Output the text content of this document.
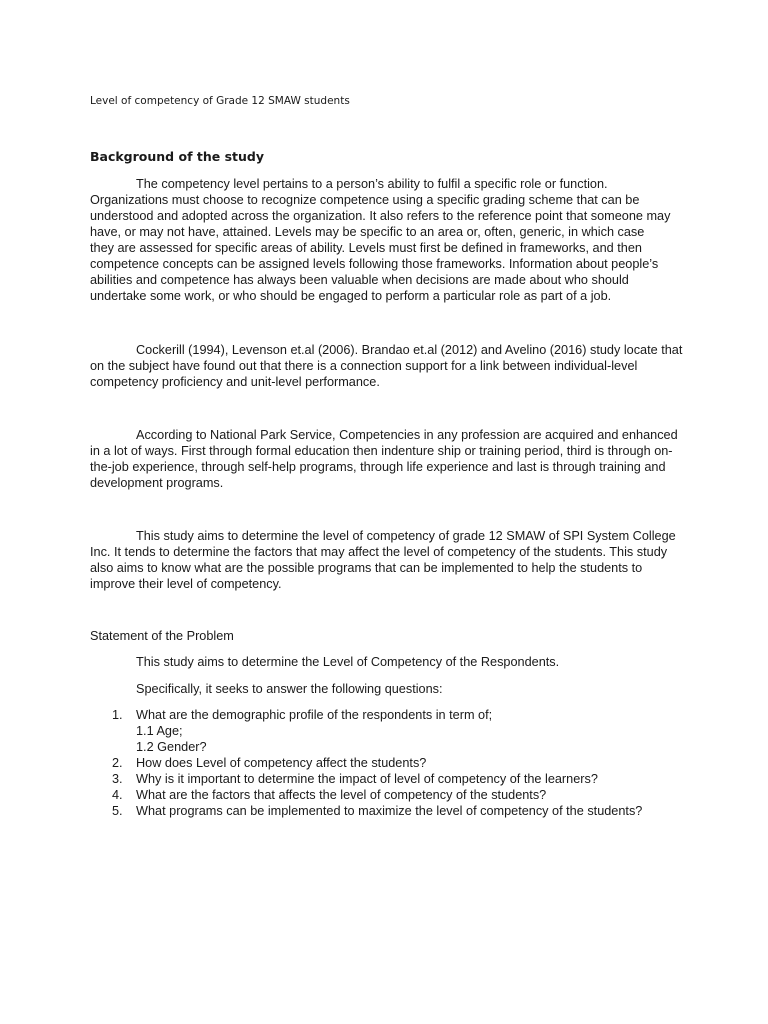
Level of competency of Grade 12 SMAW students
Background of the study

The competency level pertains to a person’s ability to fulfil a specific role or function.
Organizations must choose to recognize competence using a specific grading scheme that can be
understood and adopted across the organization. It also refers to the reference point that someone may
have, or may not have, attained. Levels may be specific to an area or, often, generic, in which case
they are assessed for specific areas of ability. Levels must first be defined in frameworks, and then
competence concepts can be assigned levels following those frameworks. Information about people’s
abilities and competence has always been valuable when decisions are made about who should
undertake some work, or who should be engaged to perform a particular role as part of a job.

Cockerill (1994), Levenson et.al (2006). Brandao et.al (2012) and Avelino (2016) study locate that
on the subject have found out that there is a connection support for a link between individual-level
competency proficiency and unit-level performance.

According to National Park Service, Competencies in any profession are acquired and enhanced
in a lot of ways. First through formal education then indenture ship or training period, third is through on-
the-job experience, through self-help programs, through life experience and last is through training and
development programs.

This study aims to determine the level of competency of grade 12 SMAW of SPI System College
Inc. It tends to determine the factors that may affect the level of competency of the students. This study
also aims to know what are the possible programs that can be implemented to help the students to
improve their level of competency.

Statement of the Problem
This study aims to determine the Level of Competency of the Respondents.
Specifically, it seeks to answer the following questions:
1. What are the demographic profile of the respondents in term of;
1.1 Age;
1.2 Gender?
2. How does Level of competency affect the students?
3. Why is it important to determine the impact of level of competency of the learners?
4. What are the factors that affects the level of competency of the students?
5. What programs can be implemented to maximize the level of competency of the students?
